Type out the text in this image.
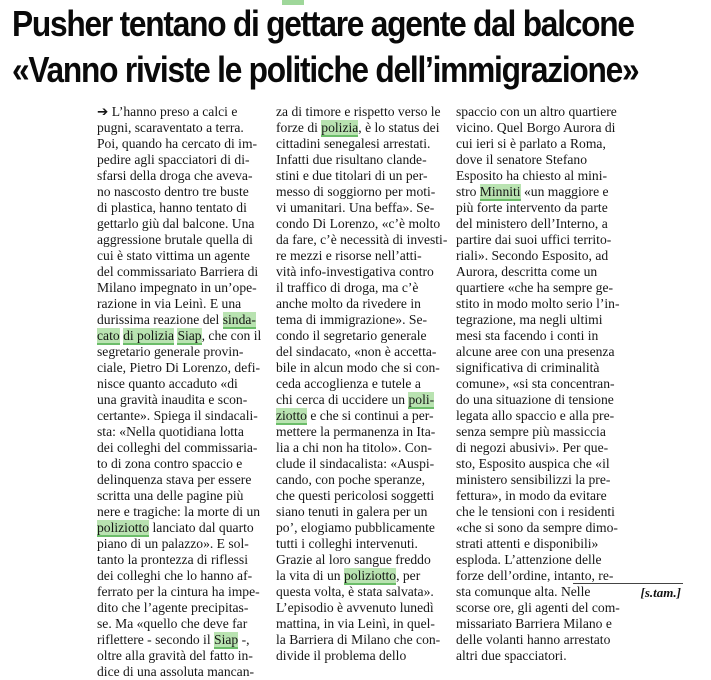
Pusher tentano di gettare agente dal balcone
«Vanno riviste le politiche dell’immigrazione»
➔ L’hanno preso a calci e
pugni, scaraventato a terra.
Poi, quando ha cercato di im-
pedire agli spacciatori di di-
sfarsi della droga che aveva-
no nascosto dentro tre buste
di plastica, hanno tentato di
gettarlo giù dal balcone. Una
aggressione brutale quella di
cui è stato vittima un agente
del commissariato Barriera di
Milano impegnato in un’ope-
razione in via Leinì. E una
durissima reazione del sinda-
cato di polizia Siap, che con il
segretario generale provin-
ciale, Pietro Di Lorenzo, defi-
nisce quanto accaduto «di
una gravità inaudita e scon-
certante». Spiega il sindacali-
sta: «Nella quotidiana lotta
dei colleghi del commissaria-
to di zona contro spaccio e
delinquenza stava per essere
scritta una delle pagine più
nere e tragiche: la morte di un
poliziotto lanciato dal quarto
piano di un palazzo». E sol-
tanto la prontezza di riflessi
dei colleghi che lo hanno af-
ferrato per la cintura ha impe-
dito che l’agente precipitas-
se. Ma «quello che deve far
riflettere - secondo il Siap -,
oltre alla gravità del fatto in-
dice di una assoluta mancan-
za di timore e rispetto verso le
forze di polizia, è lo status dei
cittadini senegalesi arrestati.
Infatti due risultano clande-
stini e due titolari di un per-
messo di soggiorno per moti-
vi umanitari. Una beffa». Se-
condo Di Lorenzo, «c’è molto
da fare, c’è necessità di investi-
re mezzi e risorse nell’atti-
vità info-investigativa contro
il traffico di droga, ma c’è
anche molto da rivedere in
tema di immigrazione». Se-
condo il segretario generale
del sindacato, «non è accetta-
bile in alcun modo che si con-
ceda accoglienza e tutele a
chi cerca di uccidere un poli-
ziotto e che si continui a per-
mettere la permanenza in Ita-
lia a chi non ha titolo». Con-
clude il sindacalista: «Auspi-
cando, con poche speranze,
che questi pericolosi soggetti
siano tenuti in galera per un
po’, elogiamo pubblicamente
tutti i colleghi intervenuti.
Grazie al loro sangue freddo
la vita di un poliziotto, per
questa volta, è stata salvata».
L’episodio è avvenuto lunedì
mattina, in via Leinì, in quel-
la Barriera di Milano che con-
divide il problema dello
spaccio con un altro quartiere
vicino. Quel Borgo Aurora di
cui ieri si è parlato a Roma,
dove il senatore Stefano
Esposito ha chiesto al mini-
stro Minniti «un maggiore e
più forte intervento da parte
del ministero dell’Interno, a
partire dai suoi uffici territo-
riali». Secondo Esposito, ad
Aurora, descritta come un
quartiere «che ha sempre ge-
stito in modo molto serio l’in-
tegrazione, ma negli ultimi
mesi sta facendo i conti in
alcune aree con una presenza
significativa di criminalità
comune», «si sta concentran-
do una situazione di tensione
legata allo spaccio e alla pre-
senza sempre più massiccia
di negozi abusivi». Per que-
sto, Esposito auspica che «il
ministero sensibilizzi la pre-
fettura», in modo da evitare
che le tensioni con i residenti
«che si sono da sempre dimo-
strati attenti e disponibili»
esploda. L’attenzione delle
forze dell’ordine, intanto, re-
sta comunque alta. Nelle
scorse ore, gli agenti del com-
missariato Barriera Milano e
delle volanti hanno arrestato
altri due spacciatori.
[s.tam.]
